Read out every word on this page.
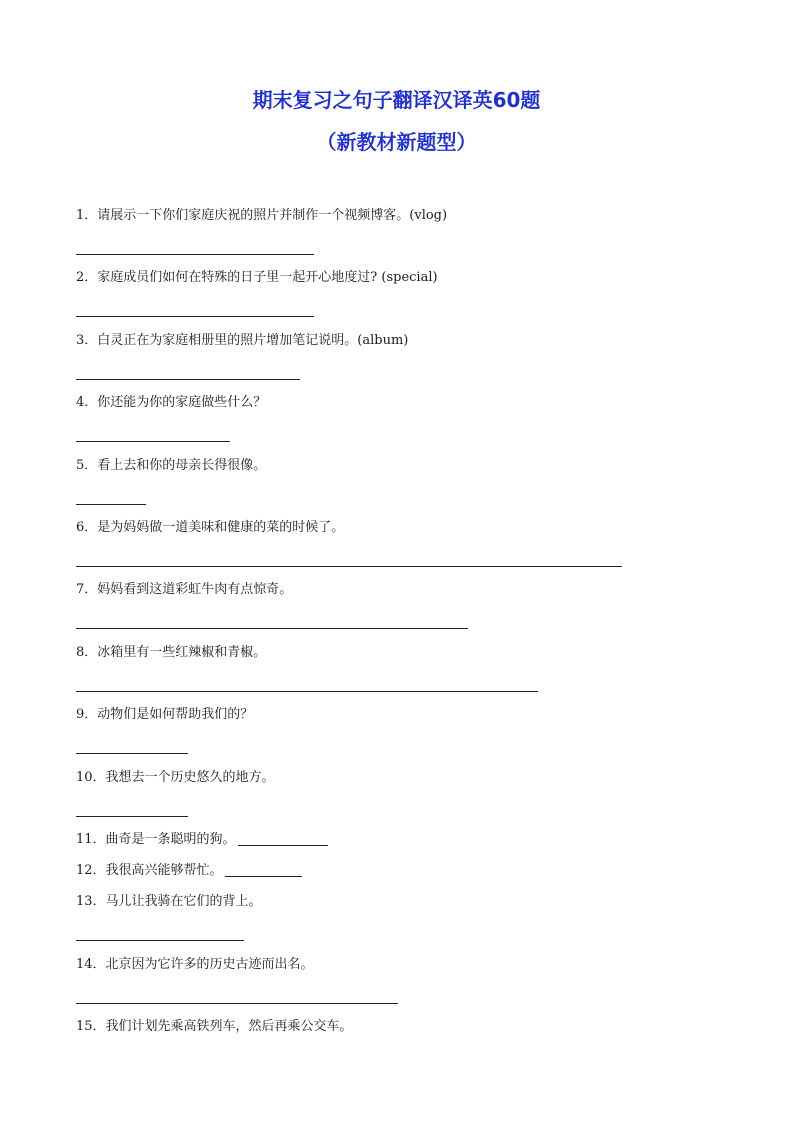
期末复习之句子翻译汉译英60题
（新教材新题型）

1．请展示一下你们家庭庆祝的照片并制作一个视频博客。(vlog)

2．家庭成员们如何在特殊的日子里一起开心地度过? (special)

3．白灵正在为家庭相册里的照片增加笔记说明。(album)

4．你还能为你的家庭做些什么？

5．看上去和你的母亲长得很像。

6．是为妈妈做一道美味和健康的菜的时候了。

7．妈妈看到这道彩虹牛肉有点惊奇。

8．冰箱里有一些红辣椒和青椒。

9．动物们是如何帮助我们的？

10．我想去一个历史悠久的地方。

11．曲奇是一条聪明的狗。

12．我很高兴能够帮忙。

13．马儿让我骑在它们的背上。

14．北京因为它许多的历史古迹而出名。

15．我们计划先乘高铁列车，然后再乘公交车。
